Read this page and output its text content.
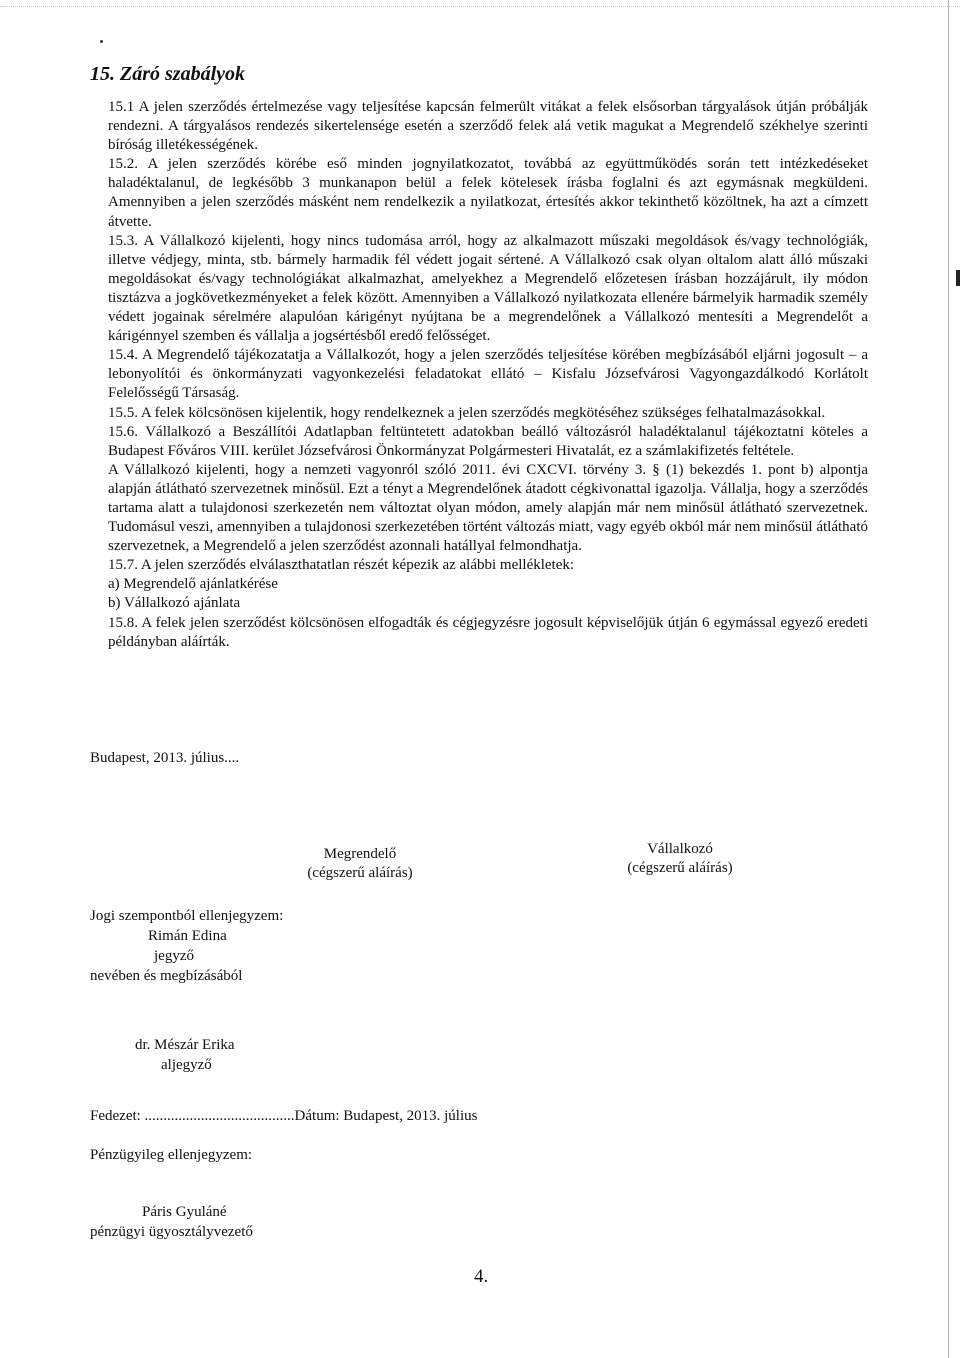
15. Záró szabályok

15.1 A jelen szerződés értelmezése vagy teljesítése kapcsán felmerült vitákat a felek elsősorban tárgyalások útján próbálják rendezni. A tárgyalásos rendezés sikertelensége esetén a szerződő felek alá vetik magukat a Megrendelő székhelye szerinti bíróság illetékességének.

15.2. A jelen szerződés körébe eső minden jognyilatkozatot, továbbá az együttműködés során tett intézkedéseket haladéktalanul, de legkésőbb 3 munkanapon belül a felek kötelesek írásba foglalni és azt egymásnak megküldeni. Amennyiben a jelen szerződés másként nem rendelkezik a nyilatkozat, értesítés akkor tekinthető közöltnek, ha azt a címzett átvette.

15.3. A Vállalkozó kijelenti, hogy nincs tudomása arról, hogy az alkalmazott műszaki megoldások és/vagy technológiák, illetve védjegy, minta, stb. bármely harmadik fél védett jogait sértené. A Vállalkozó csak olyan oltalom alatt álló műszaki megoldásokat és/vagy technológiákat alkalmazhat, amelyekhez a Megrendelő előzetesen írásban hozzájárult, ily módon tisztázva a jogkövetkezményeket a felek között. Amennyiben a Vállalkozó nyilatkozata ellenére bármelyik harmadik személy védett jogainak sérelmére alapulóan kárigényt nyújtana be a megrendelőnek a Vállalkozó mentesíti a Megrendelőt a kárigénnyel szemben és vállalja a jogsértésből eredő felősséget.

15.4. A Megrendelő tájékozatatja a Vállalkozót, hogy a jelen szerződés teljesítése körében megbízásából eljárni jogosult – a lebonyolítói és önkormányzati vagyonkezelési feladatokat ellátó – Kisfalu Józsefvárosi Vagyongazdálkodó Korlátolt Felelősségű Társaság.

15.5. A felek kölcsönösen kijelentik, hogy rendelkeznek a jelen szerződés megkötéséhez szükséges felhatalmazásokkal.

15.6. Vállalkozó a Beszállítói Adatlapban feltüntetett adatokban beálló változásról haladéktalanul tájékoztatni köteles a Budapest Főváros VIII. kerület Józsefvárosi Önkormányzat Polgármesteri Hivatalát, ez a számlakifizetés feltétele.

A Vállalkozó kijelenti, hogy a nemzeti vagyonról szóló 2011. évi CXCVI. törvény 3. § (1) bekezdés 1. pont b) alpontja alapján átlátható szervezetnek minősül. Ezt a tényt a Megrendelőnek átadott cégkivonattal igazolja. Vállalja, hogy a szerződés tartama alatt a tulajdonosi szerkezetén nem változtat olyan módon, amely alapján már nem minősül átlátható szervezetnek. Tudomásul veszi, amennyiben a tulajdonosi szerkezetében történt változás miatt, vagy egyéb okból már nem minősül átlátható szervezetnek, a Megrendelő a jelen szerződést azonnali hatállyal felmondhatja.

15.7. A jelen szerződés elválaszthatatlan részét képezik az alábbi mellékletek:

a) Megrendelő ajánlatkérése

b) Vállalkozó ajánlata

15.8. A felek jelen szerződést kölcsönösen elfogadták és cégjegyzésre jogosult képviselőjük útján 6 egymással egyező eredeti példányban aláírták.

Budapest, 2013. július....

Megrendelő
(cégszerű aláírás)
Vállalkozó
(cégszerű aláírás)
Jogi szempontból ellenjegyzem:
Rimán Edina
jegyző
nevében és megbízásából
dr. Mészár Erika
aljegyző
Fedezet: ........................................Dátum: Budapest, 2013. július
Pénzügyileg ellenjegyzem:
Páris Gyuláné
pénzügyi ügyosztályvezető
4.
